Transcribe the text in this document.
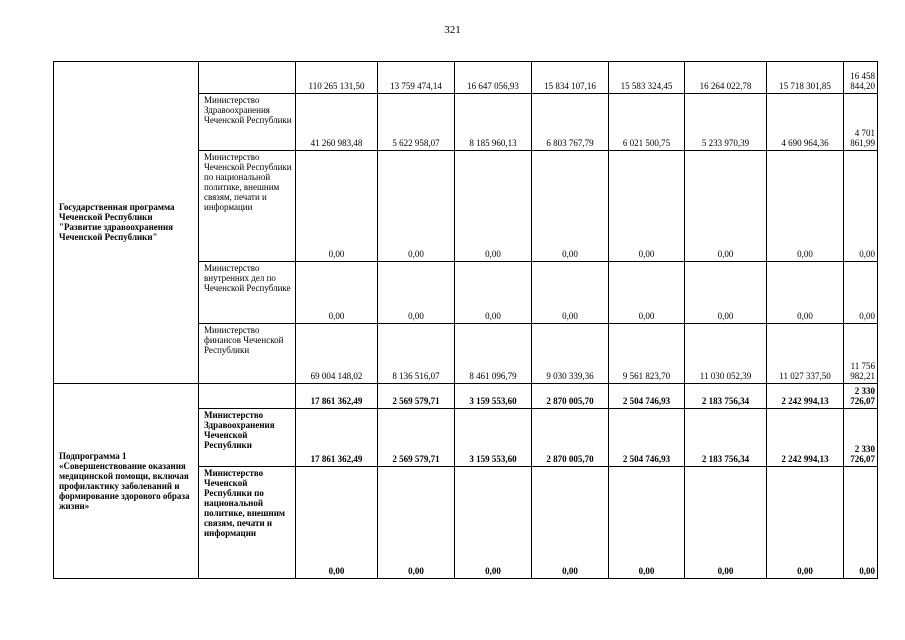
321
Государственная программа Чеченской Республики "Развитие здравоохранения Чеченской Республики"		110 265 131,50	13 759 474,14	16 647 056,93	15 834 107,16	15 583 324,45	16 264 022,78	15 718 301,85	16 458 844,20
	Министерство Здравоохранения Чеченской Республики	41 260 983,48	5 622 958,07	8 185 960,13	6 803 767,79	6 021 500,75	5 233 970,39	4 690 964,36	4 701 861,99
	Министерство Чеченской Республики по национальной политике, внешним связям, печати и информации	0,00	0,00	0,00	0,00	0,00	0,00	0,00	0,00
	Министерство внутренних дел по Чеченской Республике	0,00	0,00	0,00	0,00	0,00	0,00	0,00	0,00
	Министерство финансов Чеченской Республики	69 004 148,02	8 136 516,07	8 461 096,79	9 030 339,36	9 561 823,70	11 030 052,39	11 027 337,50	11 756 982,21
Подпрограмма 1 «Совершенствование оказания медицинской помощи, включая профилактику заболеваний и формирование здорового образа жизни»		17 861 362,49	2 569 579,71	3 159 553,60	2 870 005,70	2 504 746,93	2 183 756,34	2 242 994,13	2 330 726,07
	Министерство Здравоохранения Чеченской Республики	17 861 362,49	2 569 579,71	3 159 553,60	2 870 005,70	2 504 746,93	2 183 756,34	2 242 994,13	2 330 726,07
	Министерство Чеченской Республики по национальной политике, внешним связям, печати и информации	0,00	0,00	0,00	0,00	0,00	0,00	0,00	0,00
